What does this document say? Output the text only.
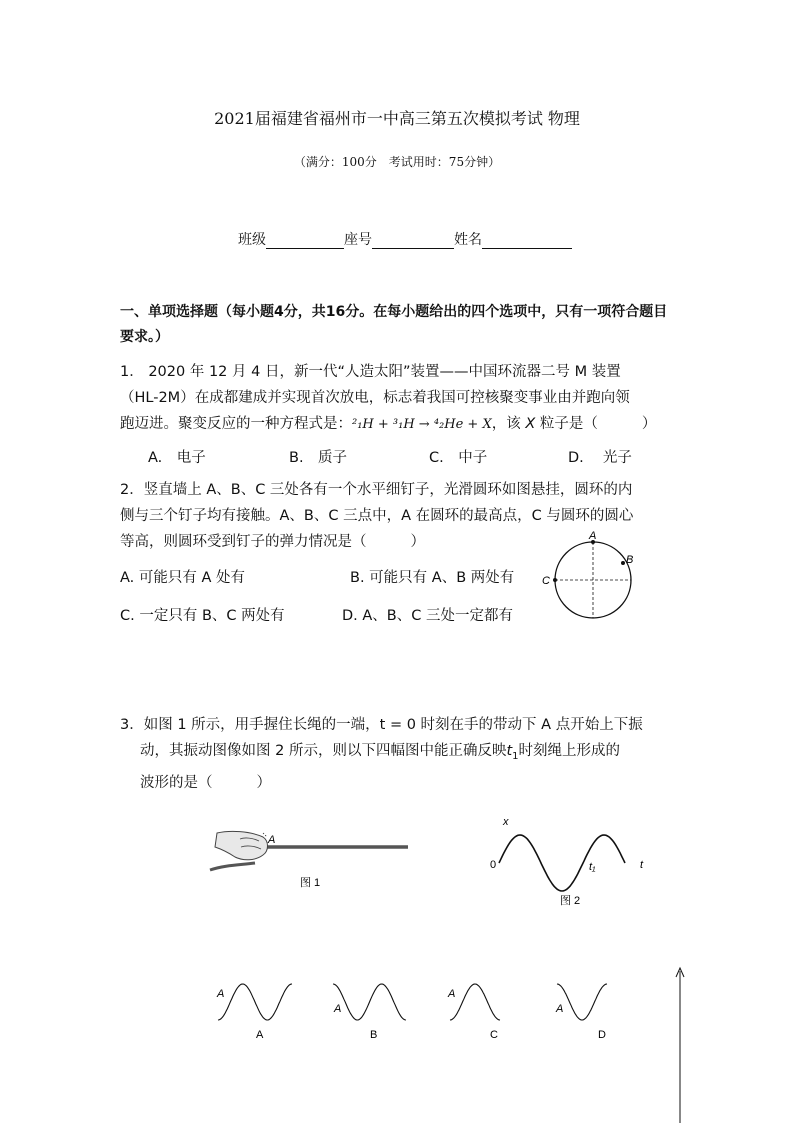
2021届福建省福州市一中高三第五次模拟考试 物理
（满分：100分　考试用时：75分钟）
班级	座号	姓名
一、单项选择题（每小题4分，共16分。在每小题给出的四个选项中，只有一项符合题目要求。）
1． 2020 年 12 月 4 日，新一代“人造太阳”装置——中国环流器二号 M 装置
（HL-2M）在成都建成并实现首次放电，标志着我国可控核聚变事业由并跑向领
跑迈进。聚变反应的一种方程式是：²₁H + ³₁H → ⁴₂He + X，该 X 粒子是（	）
A.　电子	B.　质子	C.　中子	D.　 光子
2．竖直墙上 A、B、C 三处各有一个水平细钉子，光滑圆环如图悬挂，圆环的内
侧与三个钉子均有接触。A、B、C 三点中，A 在圆环的最高点，C 与圆环的圆心
等高，则圆环受到钉子的弹力情况是（	）
A. 可能只有 A 处有	B. 可能只有 A、B 两处有
C. 一定只有 B、C 两处有	D. A、B、C 三处一定都有
A
B
C
3．如图 1 所示，用手握住长绳的一端，t = 0 时刻在手的带动下 A 点开始上下振
动，其振动图像如图 2 所示，则以下四幅图中能正确反映$t_1$时刻绳上形成的
波形的是（	）
A
图 1
x
0	t₁	t
图 2
A
A
A
B
A
C
A
D
